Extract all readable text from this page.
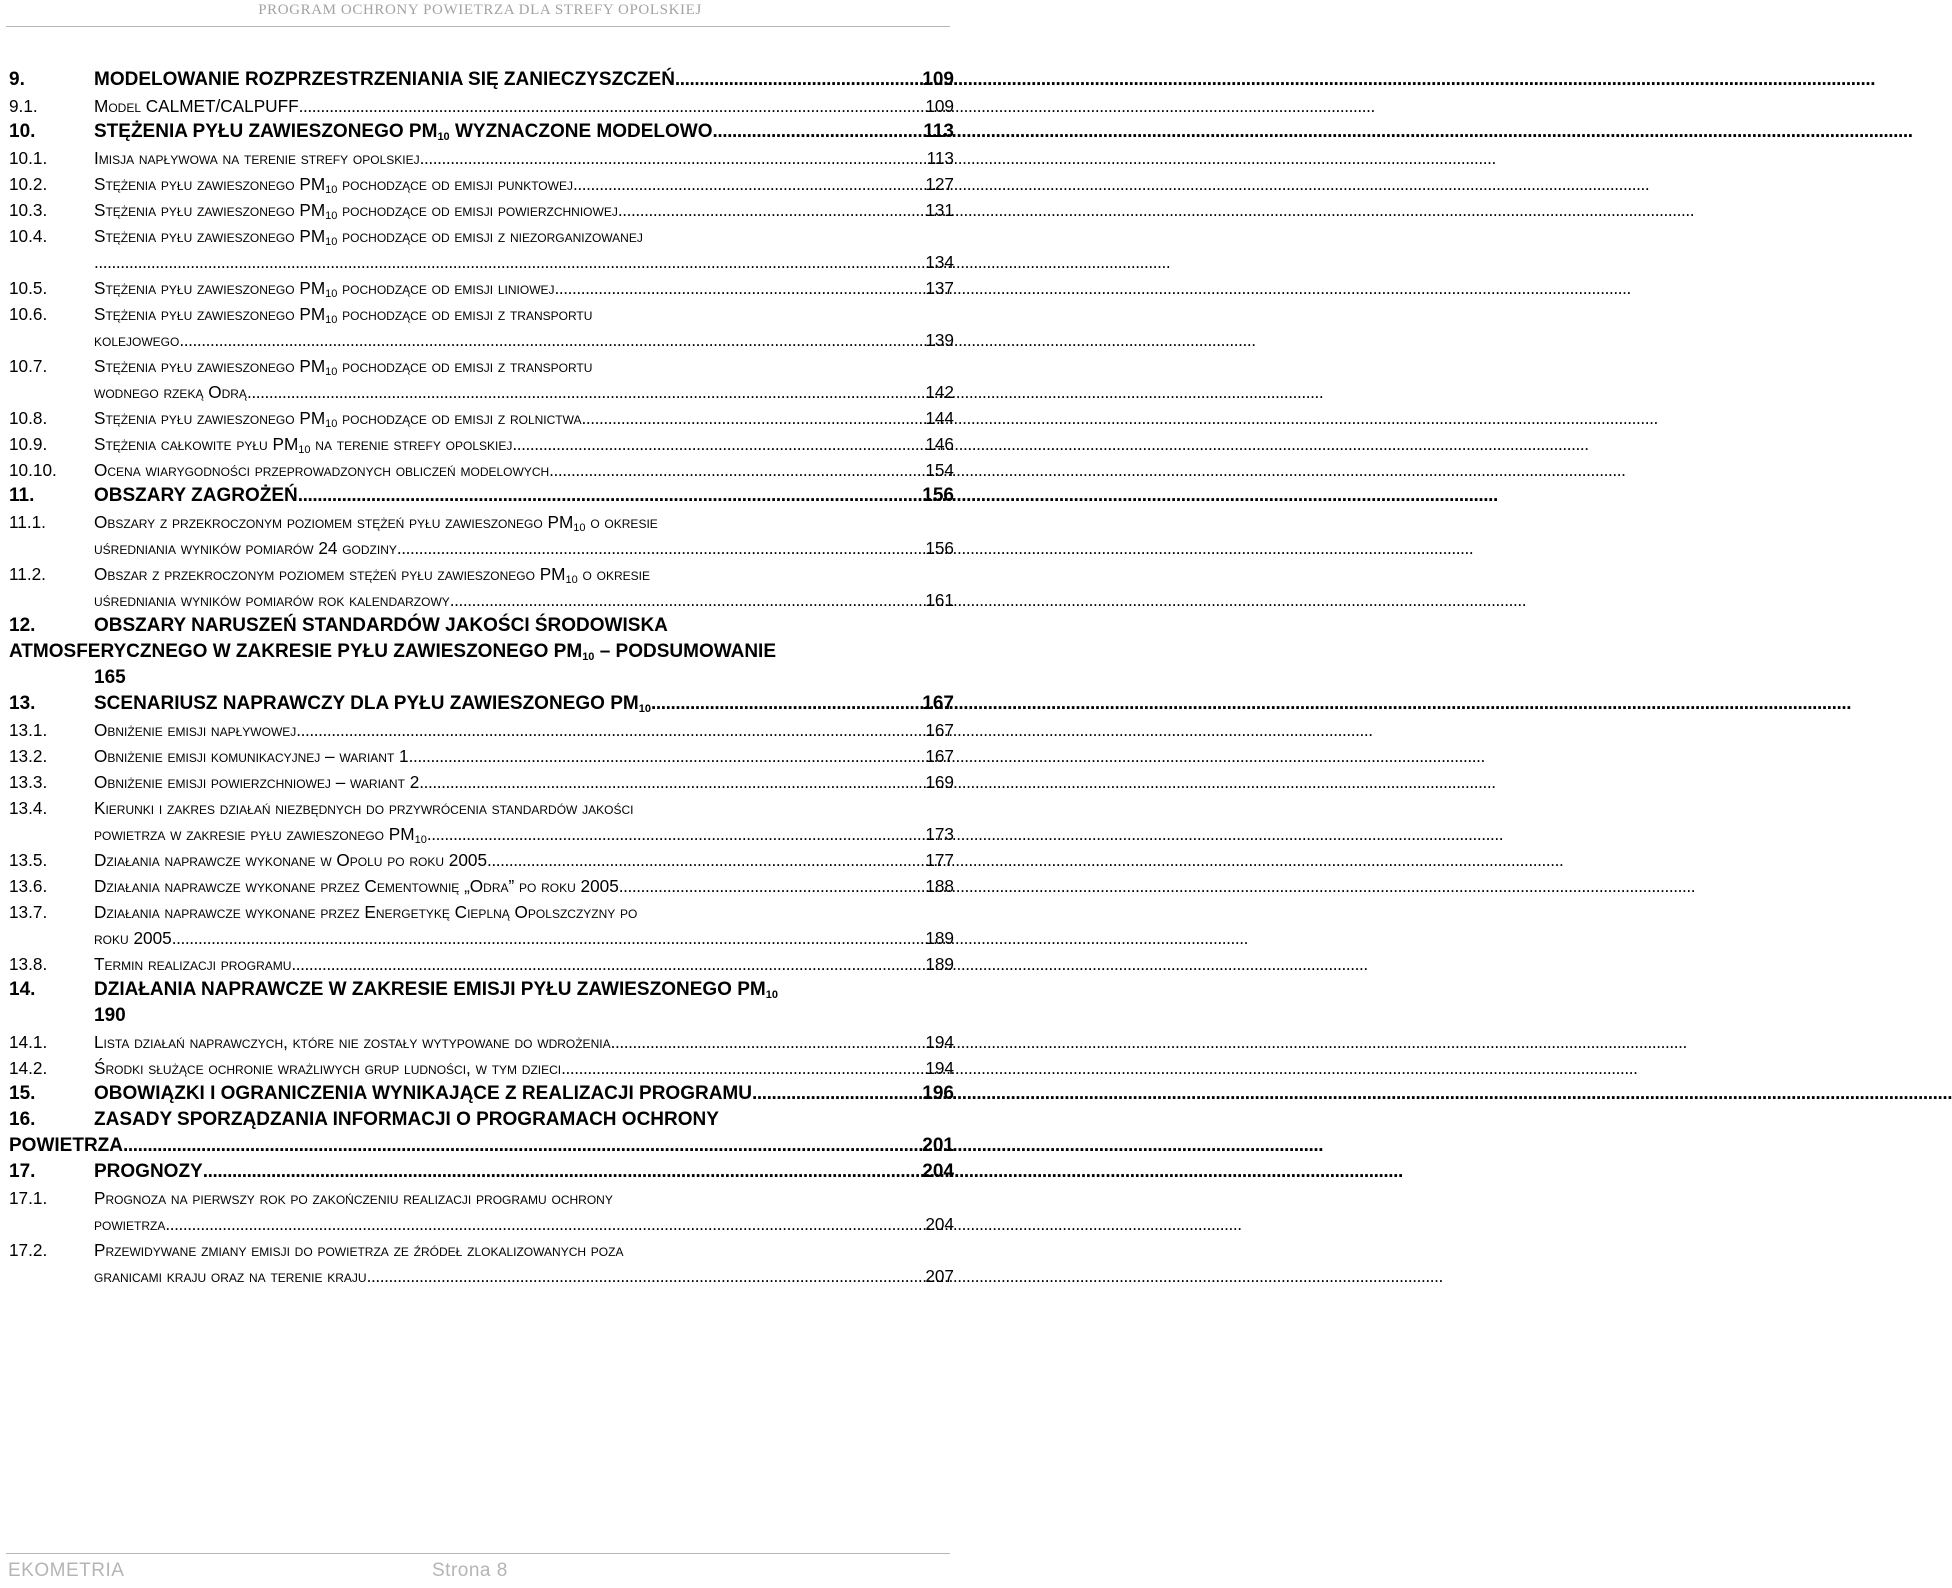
PROGRAM OCHRONY POWIETRZA DLA STREFY OPOLSKIEJ
9.	MODELOWANIE ROZPRZESTRZENIANIA SIĘ ZANIECZYSZCZEŃ .....	109
9.1.	Model CALMET/CALPUFF .....	109
10.	STĘŻENIA PYŁU ZAWIESZONEGO $PM_{10}$ WYZNACZONE MODELOWO .....	113
10.1.	Imisja napływowa na terenie strefy opolskiej .....	113
10.2.	Stężenia pyłu zawieszonego $PM_{10}$ pochodzące od emisji punktowej .....	127
10.3.	Stężenia pyłu zawieszonego $PM_{10}$ pochodzące od emisji powierzchniowej .....	131
10.4.	Stężenia pyłu zawieszonego $PM_{10}$ pochodzące od emisji z niezorganizowanej
.....
134
10.5.	Stężenia pyłu zawieszonego $PM_{10}$ pochodzące od emisji liniowej .....	137
10.6.	Stężenia pyłu zawieszonego $PM_{10}$ pochodzące od emisji z transportu
kolejowego .....	139
10.7.	Stężenia pyłu zawieszonego $PM_{10}$ pochodzące od emisji z transportu
wodnego rzeką Odrą .....	142
10.8.	Stężenia pyłu zawieszonego $PM_{10}$ pochodzące od emisji z rolnictwa .....	144
10.9.	Stężenia całkowite pyłu $PM_{10}$ na terenie strefy opolskiej .....	146
10.10. Ocena wiarygodności przeprowadzonych obliczeń modelowych .....	154
11.	OBSZARY ZAGROŻEŃ .....	156
11.1.	Obszary z przekroczonym poziomem stężeń pyłu zawieszonego $PM_{10}$ o okresie
uśredniania wyników pomiarów 24 godziny .....	156
11.2.	Obszar z przekroczonym poziomem stężeń pyłu zawieszonego $PM_{10}$ o okresie
uśredniania wyników pomiarów rok kalendarzowy .....	161
12.	OBSZARY NARUSZEŃ STANDARDÓW JAKOŚCI ŚRODOWISKA
ATMOSFERYCZNEGO W ZAKRESIE PYŁU ZAWIESZONEGO $PM_{10}$ – PODSUMOWANIE
165
13.	SCENARIUSZ NAPRAWCZY DLA PYŁU ZAWIESZONEGO $PM_{10}$ .....	167
13.1.	Obniżenie emisji napływowej .....	167
13.2.	Obniżenie emisji komunikacyjnej – wariant 1 .....	167
13.3.	Obniżenie emisji powierzchniowej – wariant 2 .....	169
13.4.	Kierunki i zakres działań niezbędnych do przywrócenia standardów jakości
powietrza w zakresie pyłu zawieszonego $PM_{10}$ .....	173
13.5.	Działania naprawcze wykonane w Opolu po roku 2005 .....	177
13.6.	Działania naprawcze wykonane przez Cementownię „Odra” po roku 2005 .....	188
13.7.	Działania naprawcze wykonane przez Energetykę Cieplną Opolszczyzny po
roku 2005 .....	189
13.8.	Termin realizacji programu .....	189
14.	DZIAŁANIA NAPRAWCZE W ZAKRESIE EMISJI PYŁU ZAWIESZONEGO $PM_{10}$
190
14.1.	Lista działań naprawczych, które nie zostały wytypowane do wdrożenia .....	194
14.2.	Środki służące ochronie wrażliwych grup ludności, w tym dzieci .....	194
15.	OBOWIĄZKI I OGRANICZENIA WYNIKAJĄCE Z REALIZACJI PROGRAMU .....	196
16.	ZASADY SPORZĄDZANIA INFORMACJI O PROGRAMACH OCHRONY
POWIETRZA .....	201
17.	PROGNOZY .....	204
17.1.	Prognoza na pierwszy rok po zakończeniu realizacji programu ochrony
powietrza .....	204
17.2.	Przewidywane zmiany emisji do powietrza ze źródeł zlokalizowanych poza
granicami kraju oraz na terenie kraju .....	207
EKOMETRIA	Strona 8
